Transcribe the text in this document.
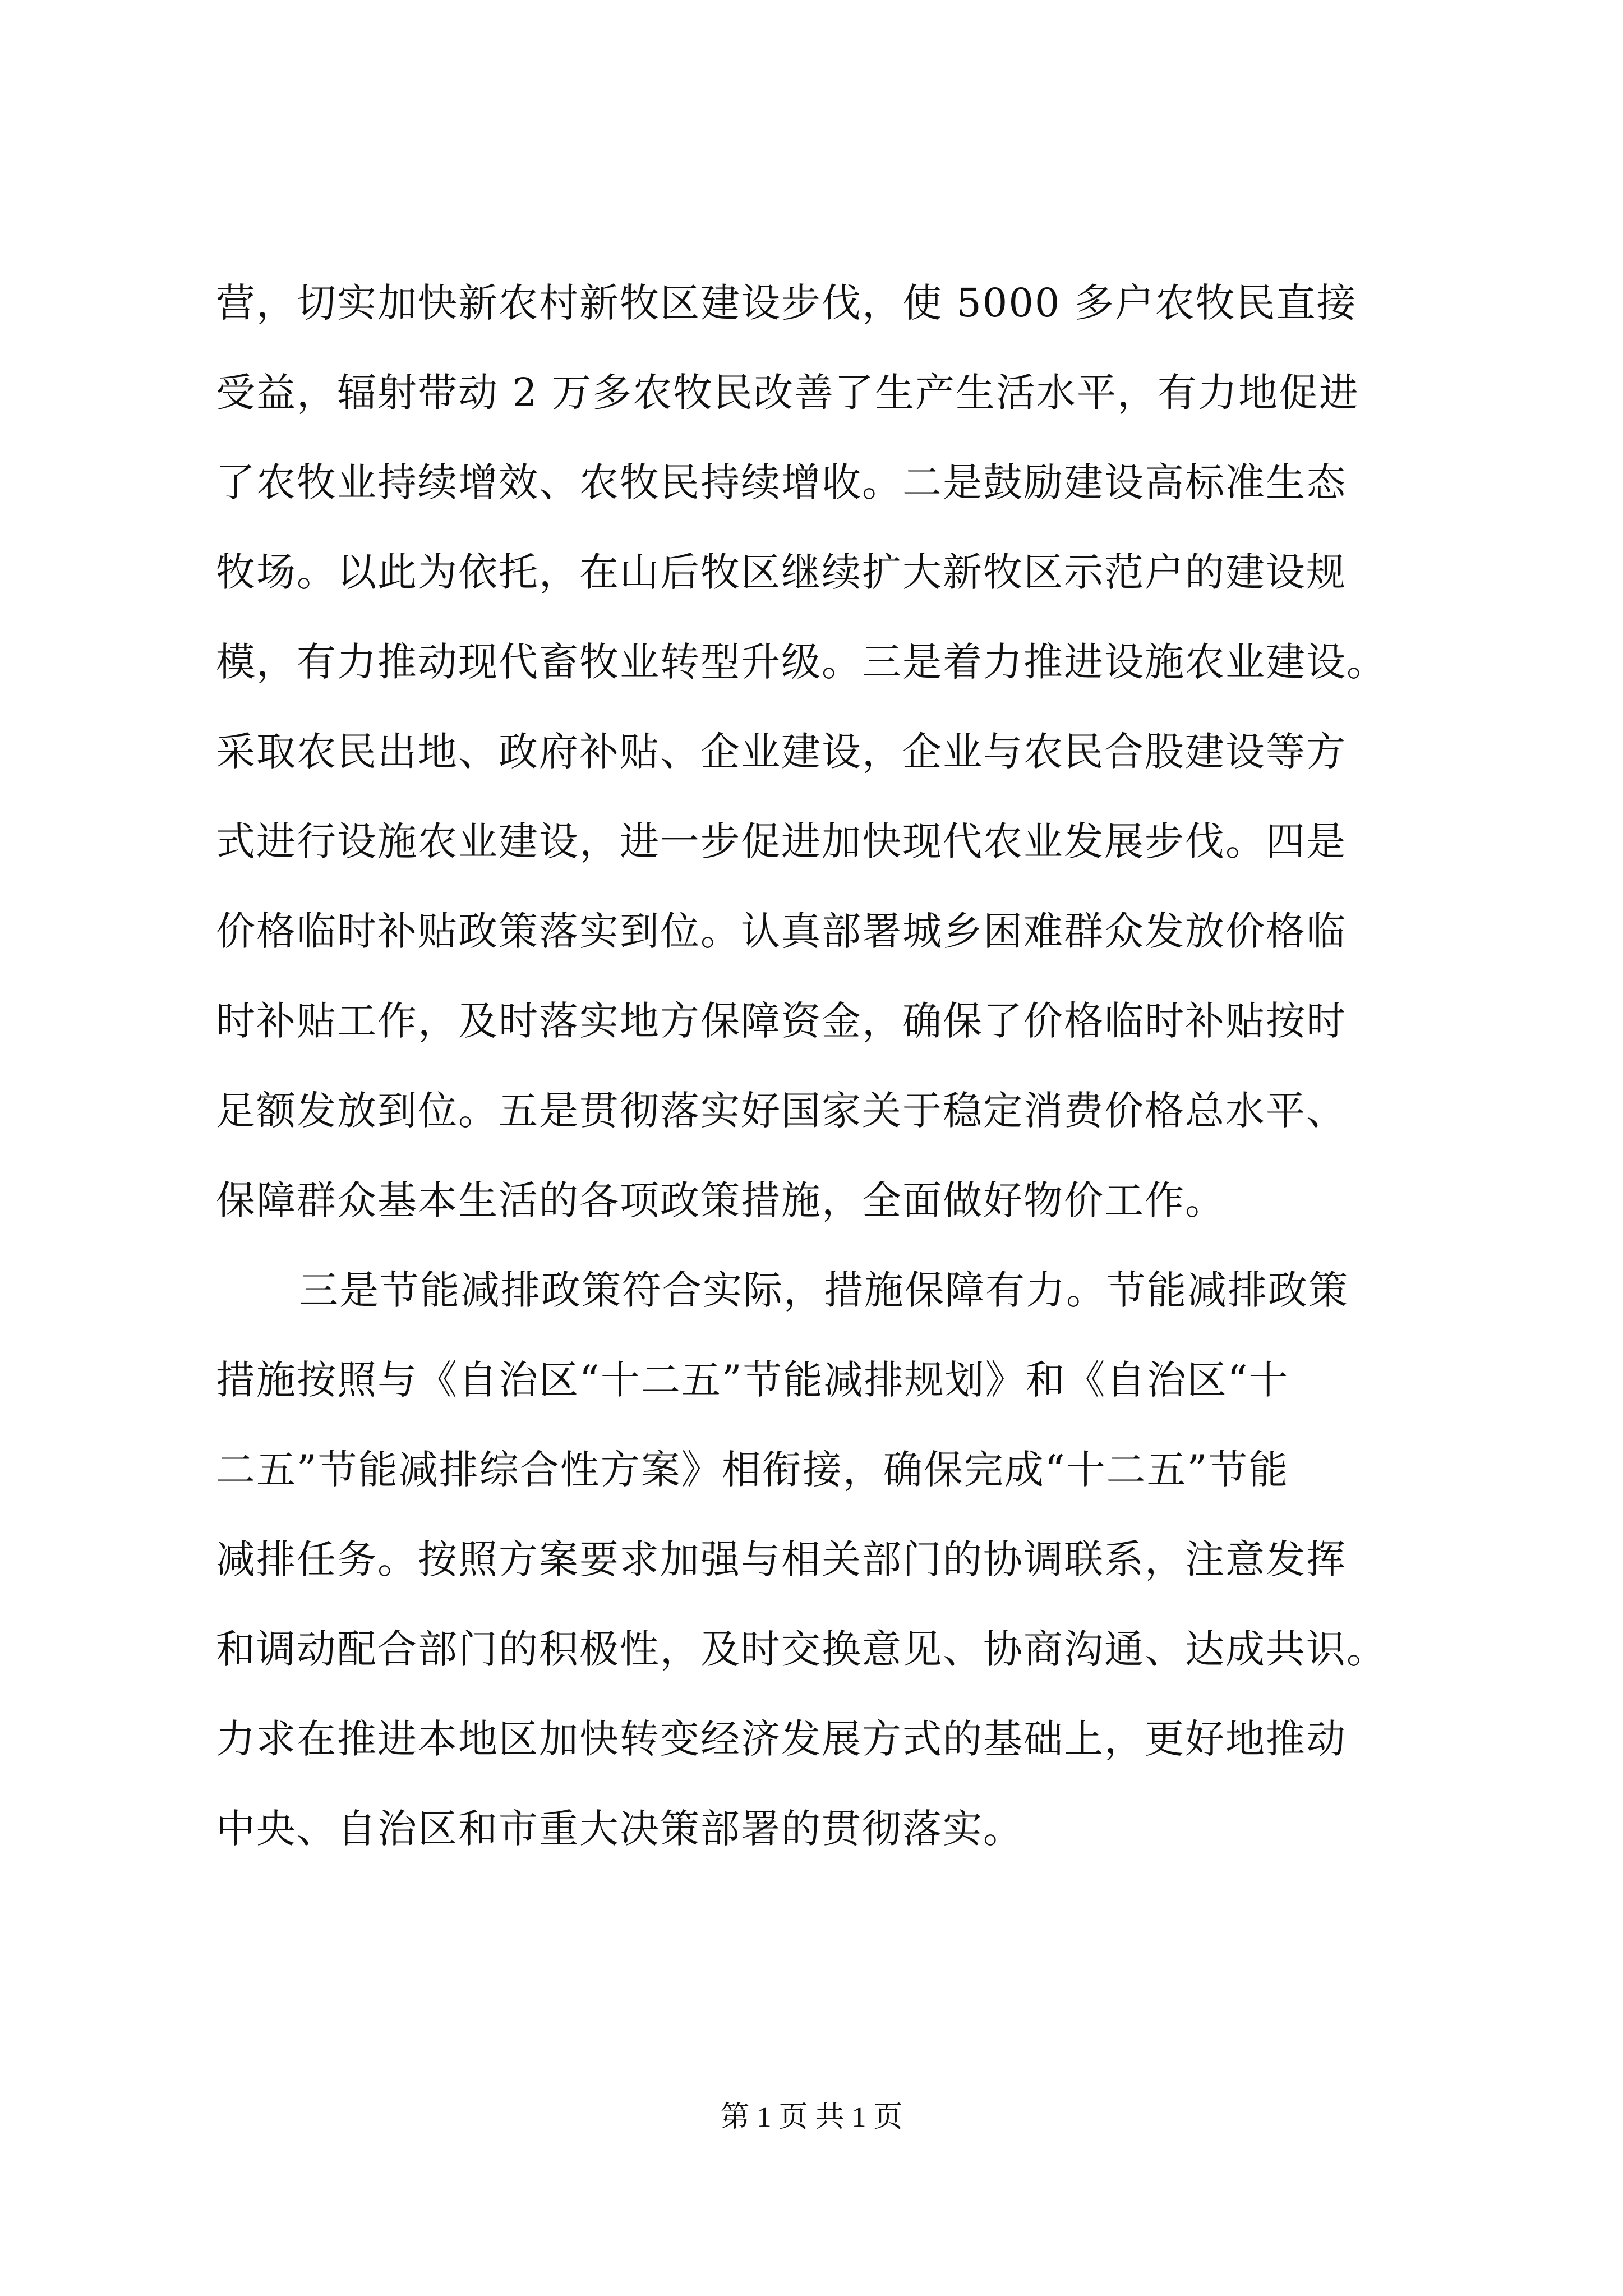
营，切实加快新农村新牧区建设步伐，使 5000 多户农牧民直接
受益，辐射带动 2 万多农牧民改善了生产生活水平，有力地促进
了农牧业持续增效、农牧民持续增收。二是鼓励建设高标准生态
牧场。以此为依托，在山后牧区继续扩大新牧区示范户的建设规
模，有力推动现代畜牧业转型升级。三是着力推进设施农业建设。
采取农民出地、政府补贴、企业建设，企业与农民合股建设等方
式进行设施农业建设，进一步促进加快现代农业发展步伐。四是
价格临时补贴政策落实到位。认真部署城乡困难群众发放价格临
时补贴工作，及时落实地方保障资金，确保了价格临时补贴按时
足额发放到位。五是贯彻落实好国家关于稳定消费价格总水平、
保障群众基本生活的各项政策措施，全面做好物价工作。
三是节能减排政策符合实际，措施保障有力。节能减排政策
措施按照与《自治区“十二五”节能减排规划》和《自治区“十
二五”节能减排综合性方案》相衔接，确保完成“十二五”节能
减排任务。按照方案要求加强与相关部门的协调联系，注意发挥
和调动配合部门的积极性，及时交换意见、协商沟通、达成共识。
力求在推进本地区加快转变经济发展方式的基础上，更好地推动
中央、自治区和市重大决策部署的贯彻落实。
第 1 页 共 1 页
